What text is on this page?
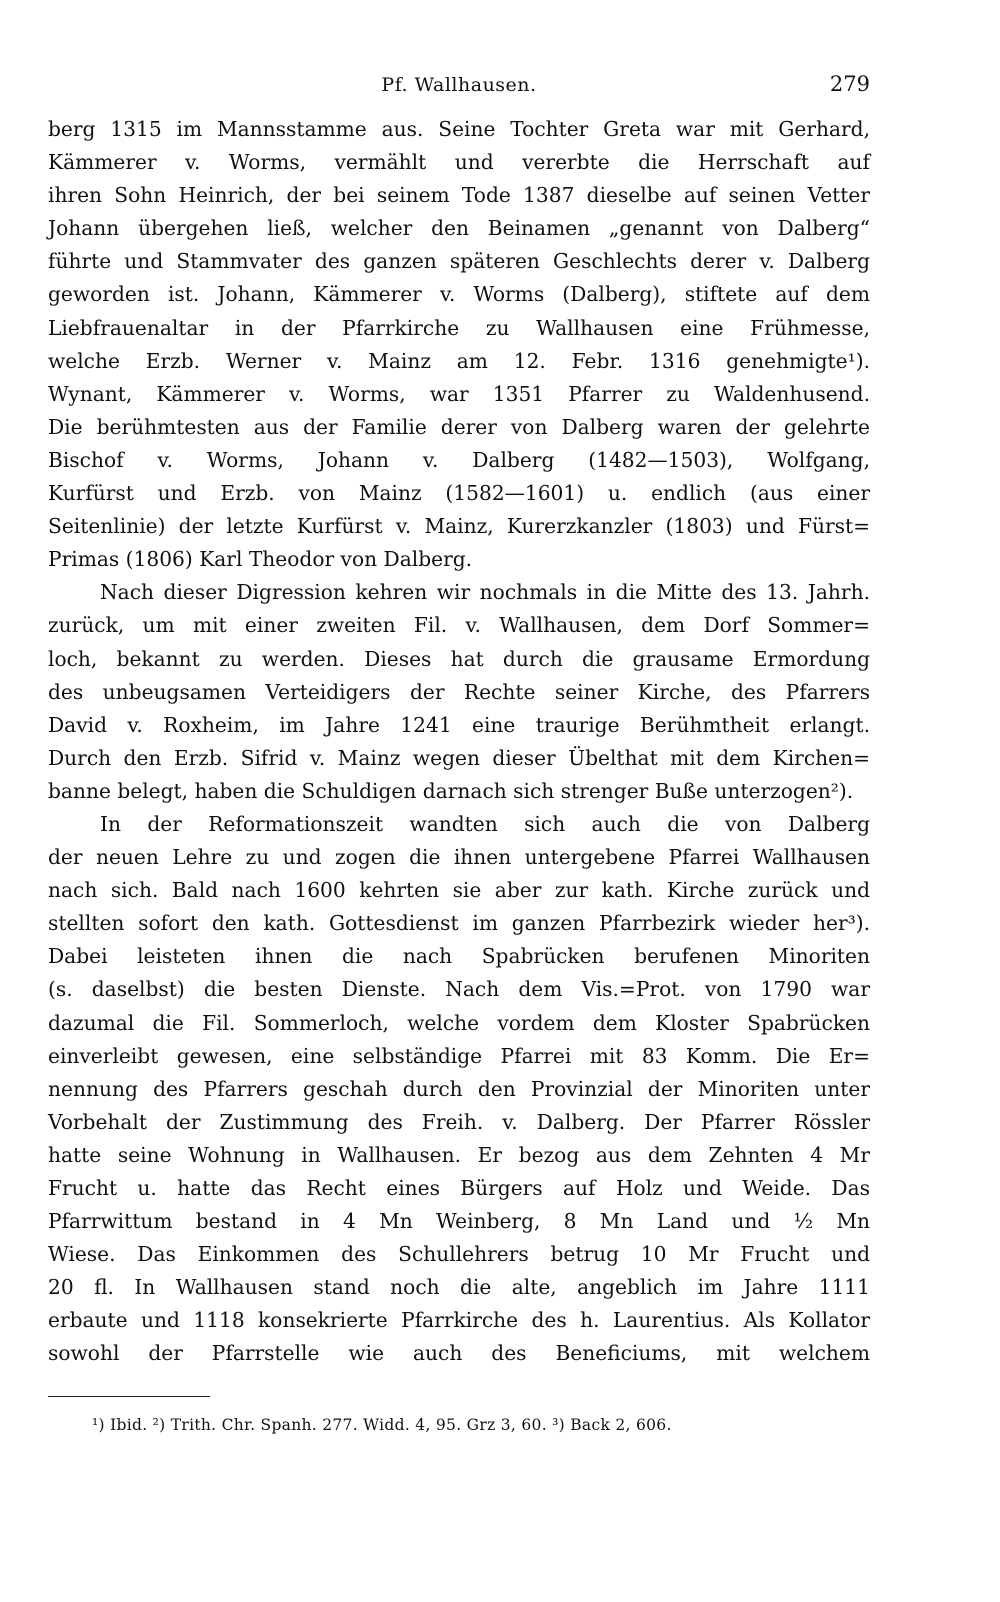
Pf. Wallhausen.	279
berg 1315 im Mannsstamme aus. Seine Tochter Greta war mit Gerhard,
Kämmerer v. Worms, vermählt und vererbte die Herrschaft auf
ihren Sohn Heinrich, der bei seinem Tode 1387 dieselbe auf seinen Vetter
Johann übergehen ließ, welcher den Beinamen „genannt von Dalberg“
führte und Stammvater des ganzen späteren Geschlechts derer v. Dalberg
geworden ist. Johann, Kämmerer v. Worms (Dalberg), stiftete auf dem
Liebfrauenaltar in der Pfarrkirche zu Wallhausen eine Frühmesse,
welche Erzb. Werner v. Mainz am 12. Febr. 1316 genehmigte¹).
Wynant, Kämmerer v. Worms, war 1351 Pfarrer zu Waldenhusend.
Die berühmtesten aus der Familie derer von Dalberg waren der gelehrte
Bischof v. Worms, Johann v. Dalberg (1482—1503), Wolfgang,
Kurfürst und Erzb. von Mainz (1582—1601) u. endlich (aus einer
Seitenlinie) der letzte Kurfürst v. Mainz, Kurerzkanzler (1803) und Fürst=
Primas (1806) Karl Theodor von Dalberg.
Nach dieser Digression kehren wir nochmals in die Mitte des 13. Jahrh.
zurück, um mit einer zweiten Fil. v. Wallhausen, dem Dorf Sommer=
loch, bekannt zu werden. Dieses hat durch die grausame Ermordung
des unbeugsamen Verteidigers der Rechte seiner Kirche, des Pfarrers
David v. Roxheim, im Jahre 1241 eine traurige Berühmtheit erlangt.
Durch den Erzb. Sifrid v. Mainz wegen dieser Übelthat mit dem Kirchen=
banne belegt, haben die Schuldigen darnach sich strenger Buße unterzogen²).
In der Reformationszeit wandten sich auch die von Dalberg
der neuen Lehre zu und zogen die ihnen untergebene Pfarrei Wallhausen
nach sich. Bald nach 1600 kehrten sie aber zur kath. Kirche zurück und
stellten sofort den kath. Gottesdienst im ganzen Pfarrbezirk wieder her³).
Dabei leisteten ihnen die nach Spabrücken berufenen Minoriten
(s. daselbst) die besten Dienste. Nach dem Vis.=Prot. von 1790 war
dazumal die Fil. Sommerloch, welche vordem dem Kloster Spabrücken
einverleibt gewesen, eine selbständige Pfarrei mit 83 Komm. Die Er=
nennung des Pfarrers geschah durch den Provinzial der Minoriten unter
Vorbehalt der Zustimmung des Freih. v. Dalberg. Der Pfarrer Rössler
hatte seine Wohnung in Wallhausen. Er bezog aus dem Zehnten 4 Mr
Frucht u. hatte das Recht eines Bürgers auf Holz und Weide. Das
Pfarrwittum bestand in 4 Mn Weinberg, 8 Mn Land und ½ Mn
Wiese. Das Einkommen des Schullehrers betrug 10 Mr Frucht und
20 fl. In Wallhausen stand noch die alte, angeblich im Jahre 1111
erbaute und 1118 konsekrierte Pfarrkirche des h. Laurentius. Als Kollator
sowohl der Pfarrstelle wie auch des Beneficiums, mit welchem
¹) Ibid. ²) Trith. Chr. Spanh. 277. Widd. 4, 95. Grz 3, 60. ³) Back 2, 606.
